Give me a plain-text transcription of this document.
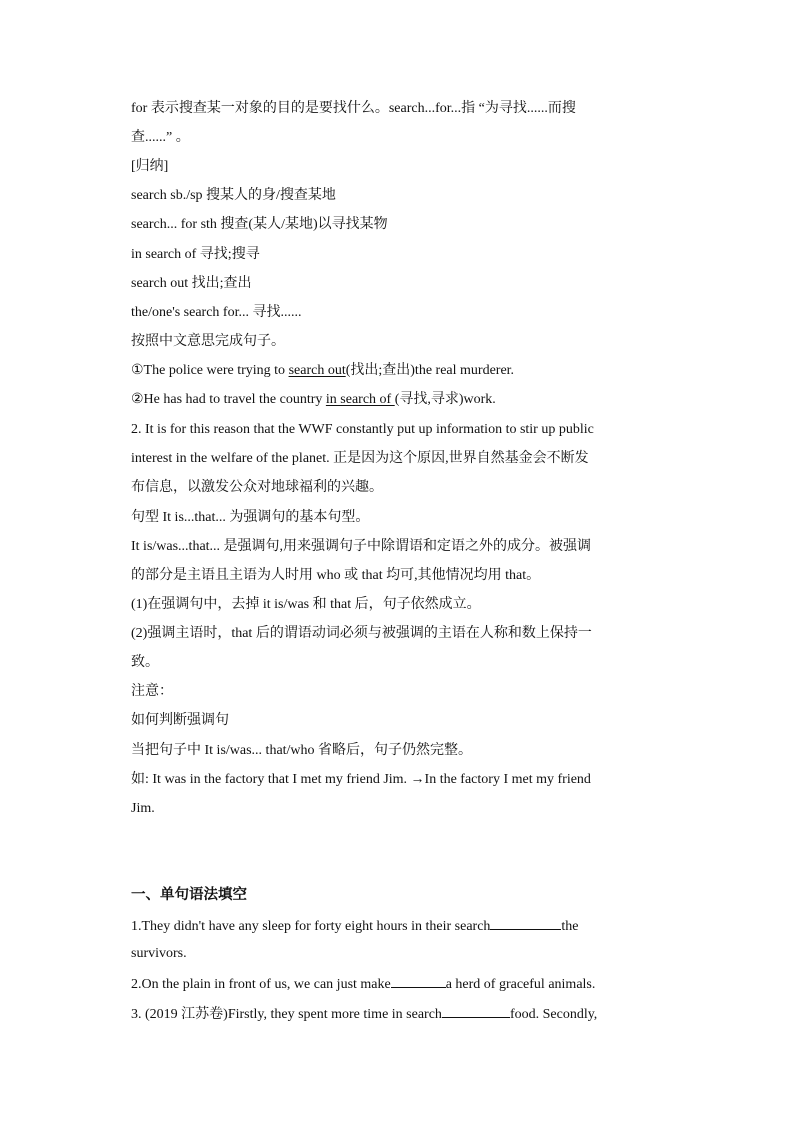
for 表示搜查某一对象的目的是要找什么。search...for...指 “为寻找......而搜
查......” 。
[归纳]
search sb./sp 搜某人的身/搜查某地
search... for sth 搜查(某人/某地)以寻找某物
in search of 寻找;搜寻
search out 找出;查出
the/one's search for... 寻找......
按照中文意思完成句子。
①The police were trying to search out(找出;查出)the real murderer.
②He has had to travel the country in search of (寻找,寻求)work.
2. It is for this reason that the WWF constantly put up information to stir up public
interest in the welfare of the planet. 正是因为这个原因,世界自然基金会不断发
布信息，以激发公众对地球福利的兴趣。
句型 It is...that... 为强调句的基本句型。
It is/was...that... 是强调句,用来强调句子中除谓语和定语之外的成分。被强调
的部分是主语且主语为人时用 who 或 that 均可,其他情况均用 that。
(1)在强调句中，去掉 it is/was 和 that 后，句子依然成立。
(2)强调主语时，that 后的谓语动词必须与被强调的主语在人称和数上保持一
致。
注意：
如何判断强调句
当把句子中 It is/was... that/who 省略后，句子仍然完整。
如: It was in the factory that I met my friend Jim. →In the factory I met my friend
Jim.
一、单句语法填空
1.They didn't have any sleep for forty eight hours in their search	the
survivors.
2.On the plain in front of us, we can just make	a herd of graceful animals.
3. (2019 江苏卷)Firstly, they spent more time in search	food. Secondly,
